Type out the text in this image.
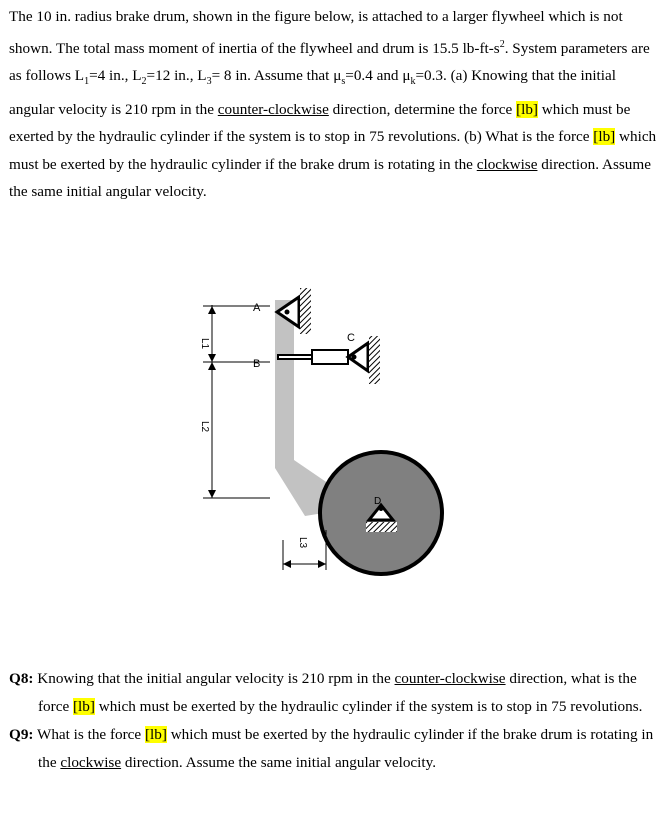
The 10 in. radius brake drum, shown in the figure below, is attached to a larger flywheel which is not shown. The total mass moment of inertia of the flywheel and drum is 15.5 $lb-ft-s^2$. System parameters are as follows $L_1=4$ in., $L_2=12$ in., $L_3= 8$ in. Assume that $\mu_s=0.4$ and $\mu_k=0.3$. (a) Knowing that the initial angular velocity is 210 rpm in the counter-clockwise direction, determine the force [lb] which must be exerted by the hydraulic cylinder if the system is to stop in 75 revolutions. (b) What is the force [lb] which must be exerted by the hydraulic cylinder if the brake drum is rotating in the clockwise direction. Assume the same initial angular velocity.

A
B
C
D
L1
L2
L3

Q8: Knowing that the initial angular velocity is 210 rpm in the counter-clockwise direction, what is the force [lb] which must be exerted by the hydraulic cylinder if the system is to stop in 75 revolutions.

Q9: What is the force [lb] which must be exerted by the hydraulic cylinder if the brake drum is rotating in the clockwise direction. Assume the same initial angular velocity.
